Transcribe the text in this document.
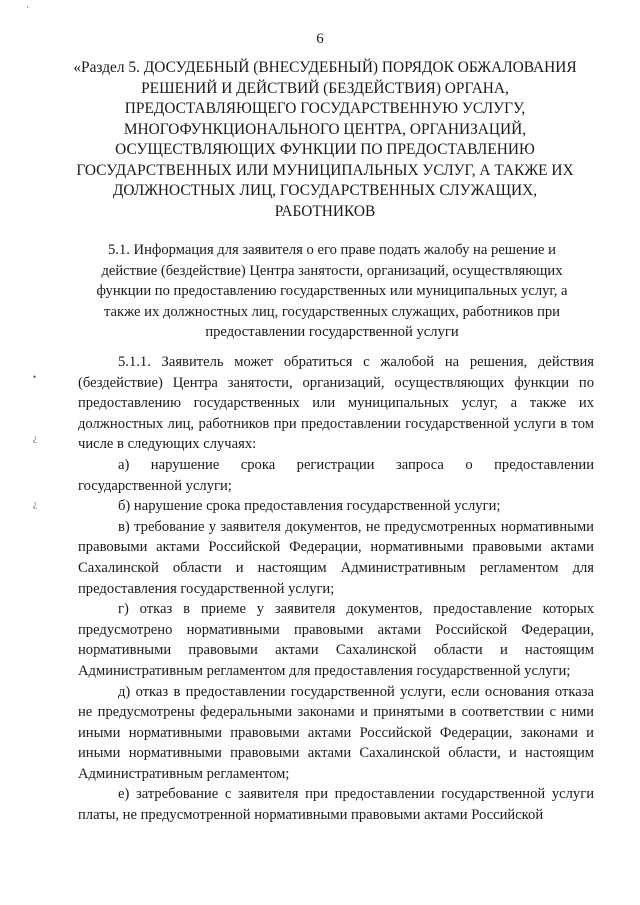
·
•
¿
¿
6
«Раздел 5. ДОСУДЕБНЫЙ (ВНЕСУДЕБНЫЙ) ПОРЯДОК ОБЖАЛОВАНИЯ РЕШЕНИЙ И ДЕЙСТВИЙ (БЕЗДЕЙСТВИЯ) ОРГАНА, ПРЕДОСТАВЛЯЮЩЕГО ГОСУДАРСТВЕННУЮ УСЛУГУ, МНОГОФУНКЦИОНАЛЬНОГО ЦЕНТРА, ОРГАНИЗАЦИЙ, ОСУЩЕСТВЛЯЮЩИХ ФУНКЦИИ ПО ПРЕДОСТАВЛЕНИЮ ГОСУДАРСТВЕННЫХ ИЛИ МУНИЦИПАЛЬНЫХ УСЛУГ, А ТАКЖЕ ИХ ДОЛЖНОСТНЫХ ЛИЦ, ГОСУДАРСТВЕННЫХ СЛУЖАЩИХ, РАБОТНИКОВ
5.1. Информация для заявителя о его праве подать жалобу на решение и действие (бездействие) Центра занятости, организаций, осуществляющих функции по предоставлению государственных или муниципальных услуг, а также их должностных лиц, государственных служащих, работников при предоставлении государственной услуги

5.1.1. Заявитель может обратиться с жалобой на решения, действия (бездействие) Центра занятости, организаций, осуществляющих функции по предоставлению государственных или муниципальных услуг, а также их должностных лиц, работников при предоставлении государственной услуги в том числе в следующих случаях:

а) нарушение срока регистрации запроса о предоставлении государственной услуги;

б) нарушение срока предоставления государственной услуги;

в) требование у заявителя документов, не предусмотренных нормативными правовыми актами Российской Федерации, нормативными правовыми актами Сахалинской области и настоящим Административным регламентом для предоставления государственной услуги;

г) отказ в приеме у заявителя документов, предоставление которых предусмотрено нормативными правовыми актами Российской Федерации, нормативными правовыми актами Сахалинской области и настоящим Административным регламентом для предоставления государственной услуги;

д) отказ в предоставлении государственной услуги, если основания отказа не предусмотрены федеральными законами и принятыми в соответствии с ними иными нормативными правовыми актами Российской Федерации, законами и иными нормативными правовыми актами Сахалинской области, и настоящим Административным регламентом;

е) затребование с заявителя при предоставлении государственной услуги платы, не предусмотренной нормативными правовыми актами Российской
